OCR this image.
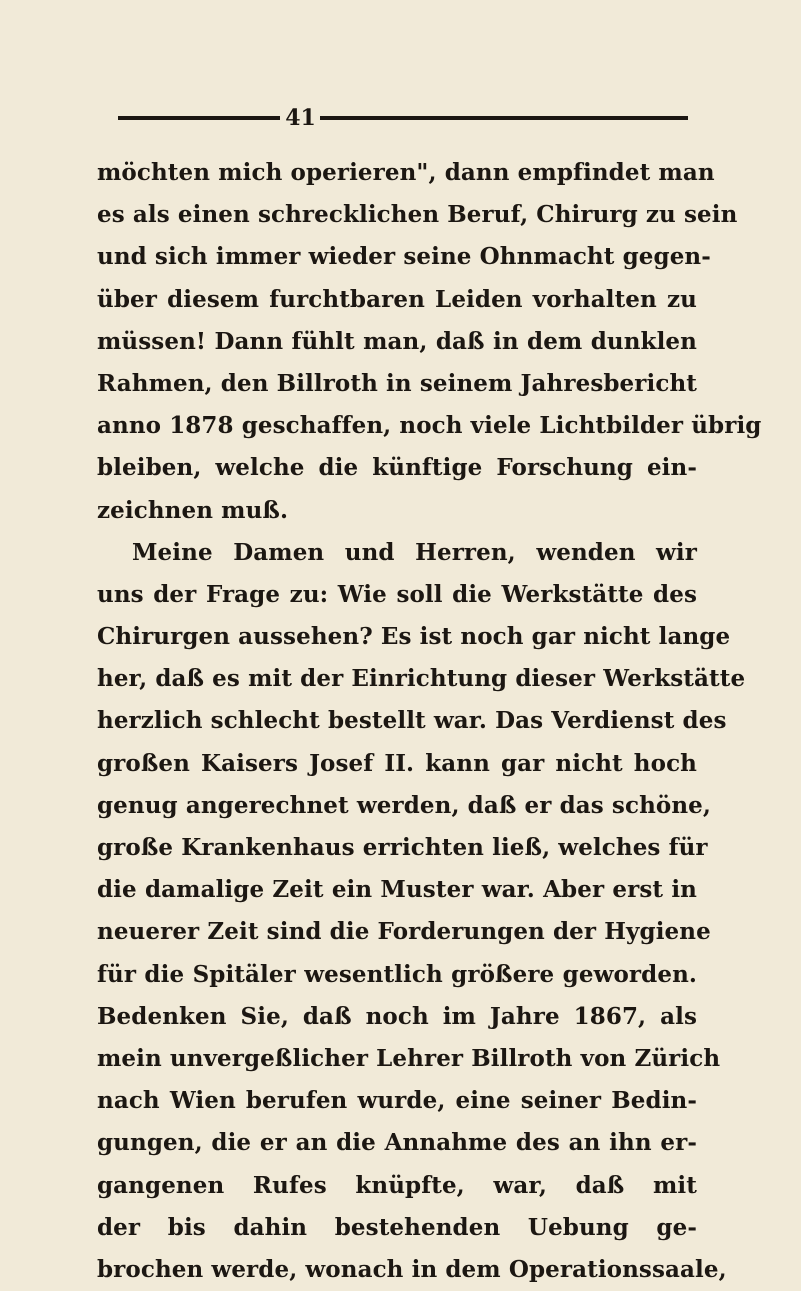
41
möchten mich operieren", dann empfindet man
es als einen schrecklichen Beruf, Chirurg zu sein
und sich immer wieder seine Ohnmacht gegen-
über diesem furchtbaren Leiden vorhalten zu
müssen! Dann fühlt man, daß in dem dunklen
Rahmen, den Billroth in seinem Jahresbericht
anno 1878 geschaffen, noch viele Lichtbilder übrig
bleiben, welche die künftige Forschung ein-
zeichnen muß.
Meine Damen und Herren, wenden wir
uns der Frage zu: Wie soll die Werkstätte des
Chirurgen aussehen? Es ist noch gar nicht lange
her, daß es mit der Einrichtung dieser Werkstätte
herzlich schlecht bestellt war. Das Verdienst des
großen Kaisers Josef II. kann gar nicht hoch
genug angerechnet werden, daß er das schöne,
große Krankenhaus errichten ließ, welches für
die damalige Zeit ein Muster war. Aber erst in
neuerer Zeit sind die Forderungen der Hygiene
für die Spitäler wesentlich größere geworden.
Bedenken Sie, daß noch im Jahre 1867, als
mein unvergeßlicher Lehrer Billroth von Zürich
nach Wien berufen wurde, eine seiner Bedin-
gungen, die er an die Annahme des an ihn er-
gangenen Rufes knüpfte, war, daß mit
der bis dahin bestehenden Uebung ge-
brochen werde, wonach in dem Operationssaale,
